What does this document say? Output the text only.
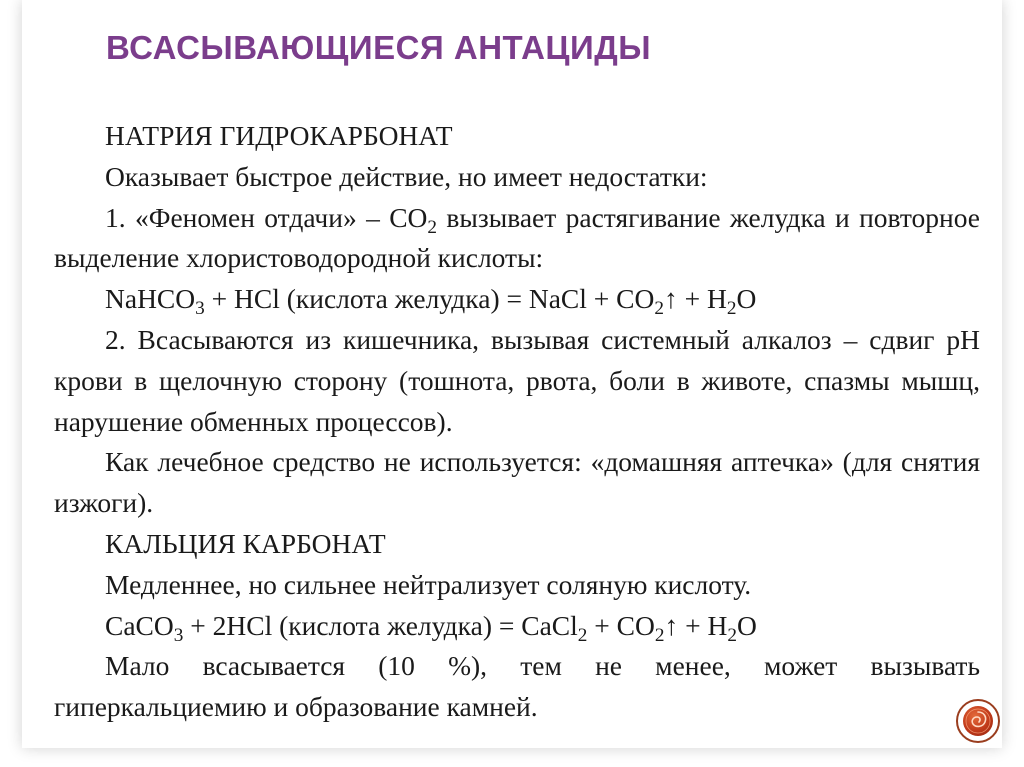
ВСАСЫВАЮЩИЕСЯ АНТАЦИДЫ

НАТРИЯ ГИДРОКАРБОНАТ

Оказывает быстрое действие, но имеет недостатки:

1. «Феномен отдачи» – $CO_2$ вызывает растягивание желудка и повторное выделение хлористоводородной кислоты:

NaHCO$_3$ + HCl (кислота желудка) = NaCl + $CO_2↑ + H_2O$

2. Всасываются из кишечника, вызывая системный алкалоз – сдвиг рН крови в щелочную сторону (тошнота, рвота, боли в животе, спазмы мышц, нарушение обменных процессов).

Как лечебное средство не используется: «домашняя аптечка» (для снятия изжоги).

КАЛЬЦИЯ КАРБОНАТ

Медленнее, но сильнее нейтрализует соляную кислоту.

CaCO$_3$ + 2HCl (кислота желудка) = CaCl$_2$ + $CO_2↑ + H_2O$

Мало всасывается (10 %), тем не менее, может вызывать гиперкальциемию и образование камней.
